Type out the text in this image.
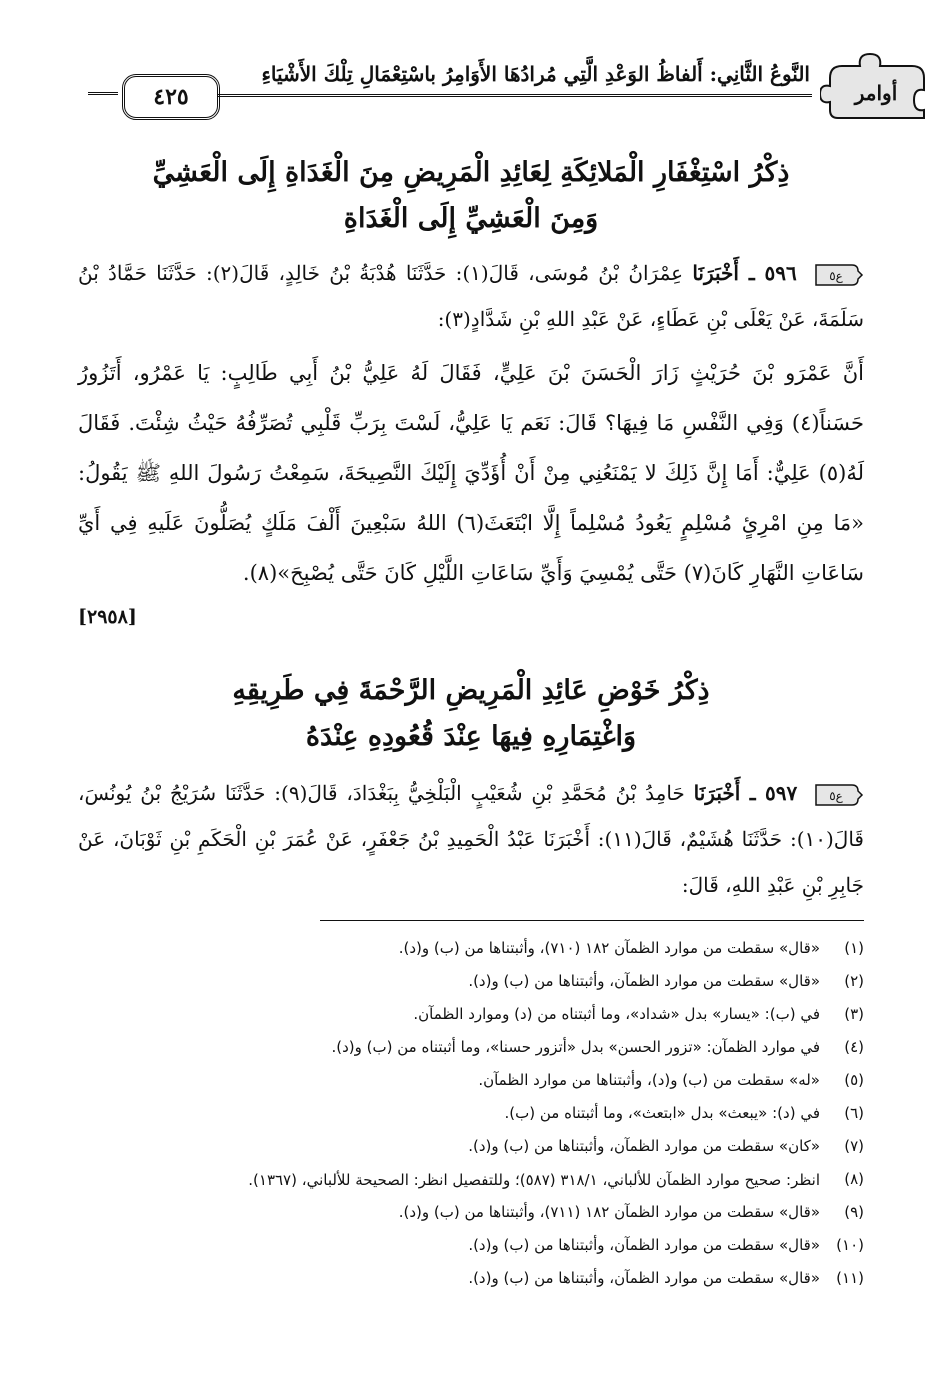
أوامر
النَّوعُ الثَّانِي: أَلفاظُ الوَعْدِ الَّتِي مُرادُهَا الأَوَامِرُ باسْتِعْمَالِ تِلْكَ الأَشْيَاءِ
٤٢٥
ذِكْرُ اسْتِغْفَارِ الْمَلائِكَةِ لِعَائِدِ الْمَرِيضِ مِنَ الْغَدَاةِ إِلَى الْعَشِيِّ
وَمِنَ الْعَشِيِّ إِلَى الْغَدَاةِ
ع٥
٥٩٦ ـ أَخْبَرَنَا عِمْرَانُ بْنُ مُوسَى، قَالَ(١): حَدَّثَنَا هُدْبَةُ بْنُ خَالِدٍ، قَالَ(٢): حَدَّثَنَا حَمَّادُ بْنُ سَلَمَةَ، عَنْ يَعْلَى بْنِ عَطَاءٍ، عَنْ عَبْدِ اللهِ بْنِ شَدَّادٍ(٣):
أَنَّ عَمْرَو بْنَ حُرَيْثٍ زَارَ الْحَسَنَ بْنَ عَلِيٍّ، فَقَالَ لَهُ عَلِيُّ بْنُ أَبِي طَالِبٍ: يَا عَمْرُو، أَتَزُورُ حَسَناً(٤) وَفِي النَّفْسِ مَا فِيهَا؟ قَالَ: نَعَم يَا عَلِيُّ، لَسْتَ بِرَبِّ قَلْبِي تُصَرِّفُهُ حَيْثُ شِئْتَ. فَقَالَ لَهُ(٥) عَلِيٌّ: أَمَا إِنَّ ذَلِكَ لا يَمْنَعُنِي مِنْ أَنْ أُؤَدِّيَ إِلَيْكَ النَّصِيحَةَ، سَمِعْتُ رَسُولَ اللهِ ﷺ يَقُولُ: «مَا مِنِ امْرِئٍ مُسْلِمٍ يَعُودُ مُسْلِماً إِلَّا ابْتَعَثَ(٦) اللهُ سَبْعِينَ أَلْفَ مَلَكٍ يُصَلُّونَ عَلَيهِ فِي أَيِّ سَاعَاتِ النَّهَارِ كَانَ(٧) حَتَّى يُمْسِيَ وَأَيِّ سَاعَاتِ اللَّيْلِ كَانَ حَتَّى يُصْبِحَ»(٨).
[٢٩٥٨]
ذِكْرُ خَوْضِ عَائِدِ الْمَرِيضِ الرَّحْمَةَ فِي طَرِيقِهِ
وَاغْتِمَارِهِ فِيهَا عِنْدَ قُعُودِهِ عِنْدَهُ
ع٥
٥٩٧ ـ أَخْبَرَنَا حَامِدُ بْنُ مُحَمَّدِ بْنِ شُعَيْبٍ الْبَلْخِيُّ بِبَغْدَادَ، قَالَ(٩): حَدَّثَنَا سُرَيْجُ بْنُ يُونُسَ، قَالَ(١٠): حَدَّثَنَا هُشَيْمٌ، قَالَ(١١): أَخْبَرَنَا عَبْدُ الْحَمِيدِ بْنُ جَعْفَرٍ، عَنْ عُمَرَ بْنِ الْحَكَمِ بْنِ ثَوْبَانَ، عَنْ جَابِرِ بْنِ عَبْدِ اللهِ، قَالَ:
(١)
«قال» سقطت من موارد الظمآن ١٨٢ (٧١٠)، وأثبتناها من (ب) و(د).
(٢)
«قال» سقطت من موارد الظمآن، وأثبتناها من (ب) و(د).
(٣)
في (ب): «يسار» بدل «شداد»، وما أثبتناه من (د) وموارد الظمآن.
(٤)
في موارد الظمآن: «تزور الحسن» بدل «أتزور حسنا»، وما أثبتناه من (ب) و(د).
(٥)
«له» سقطت من (ب) و(د)، وأثبتناها من موارد الظمآن.
(٦)
في (د): «يبعث» بدل «ابتعث»، وما أثبتناه من (ب).
(٧)
«كان» سقطت من موارد الظمآن، وأثبتناها من (ب) و(د).
(٨)
انظر: صحيح موارد الظمآن للألباني، ٣١٨/١ (٥٨٧)؛ وللتفصيل انظر: الصحيحة للألباني، (١٣٦٧).
(٩)
«قال» سقطت من موارد الظمآن ١٨٢ (٧١١)، وأثبتناها من (ب) و(د).
(١٠)
«قال» سقطت من موارد الظمآن، وأثبتناها من (ب) و(د).
(١١)
«قال» سقطت من موارد الظمآن، وأثبتناها من (ب) و(د).
